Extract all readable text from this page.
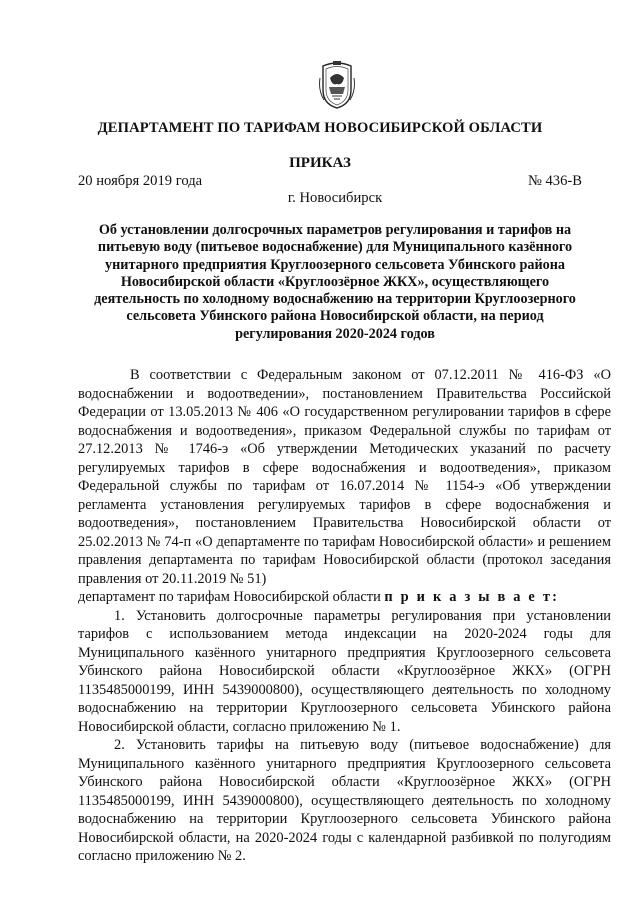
ДЕПАРТАМЕНТ ПО ТАРИФАМ НОВОСИБИРСКОЙ ОБЛАСТИ
ПРИКАЗ
20 ноября 2019 года	№ 436-В
г. Новосибирск
Об установлении долгосрочных параметров регулирования и тарифов на питьевую воду (питьевое водоснабжение) для Муниципального казённого унитарного предприятия Круглоозерного сельсовета Убинского района Новосибирской области «Круглоозёрное ЖКХ», осуществляющего деятельность по холодному водоснабжению на территории Круглоозерного сельсовета Убинского района Новосибирской области, на период регулирования 2020-2024 годов

В соответствии с Федеральным законом от 07.12.2011 № 416-ФЗ «О водоснабжении и водоотведении», постановлением Правительства Российской Федерации от 13.05.2013 № 406 «О государственном регулировании тарифов в сфере водоснабжения и водоотведения», приказом Федеральной службы по тарифам от 27.12.2013 № 1746-э «Об утверждении Методических указаний по расчету регулируемых тарифов в сфере водоснабжения и водоотведения», приказом Федеральной службы по тарифам от 16.07.2014 № 1154-э «Об утверждении регламента установления регулируемых тарифов в сфере водоснабжения и водоотведения», постановлением Правительства Новосибирской области от 25.02.2013 № 74-п «О департаменте по тарифам Новосибирской области» и решением правления департамента по тарифам Новосибирской области (протокол заседания правления от 20.11.2019 № 51)

департамент по тарифам Новосибирской области п р и к а з ы в а е т:

1. Установить долгосрочные параметры регулирования при установлении тарифов с использованием метода индексации на 2020-2024 годы для Муниципального казённого унитарного предприятия Круглоозерного сельсовета Убинского района Новосибирской области «Круглоозёрное ЖКХ» (ОГРН 1135485000199, ИНН 5439000800), осуществляющего деятельность по холодному водоснабжению на территории Круглоозерного сельсовета Убинского района Новосибирской области, согласно приложению № 1.

2. Установить тарифы на питьевую воду (питьевое водоснабжение) для Муниципального казённого унитарного предприятия Круглоозерного сельсовета Убинского района Новосибирской области «Круглоозёрное ЖКХ» (ОГРН 1135485000199, ИНН 5439000800), осуществляющего деятельность по холодному водоснабжению на территории Круглоозерного сельсовета Убинского района Новосибирской области, на 2020-2024 годы с календарной разбивкой по полугодиям согласно приложению № 2.
